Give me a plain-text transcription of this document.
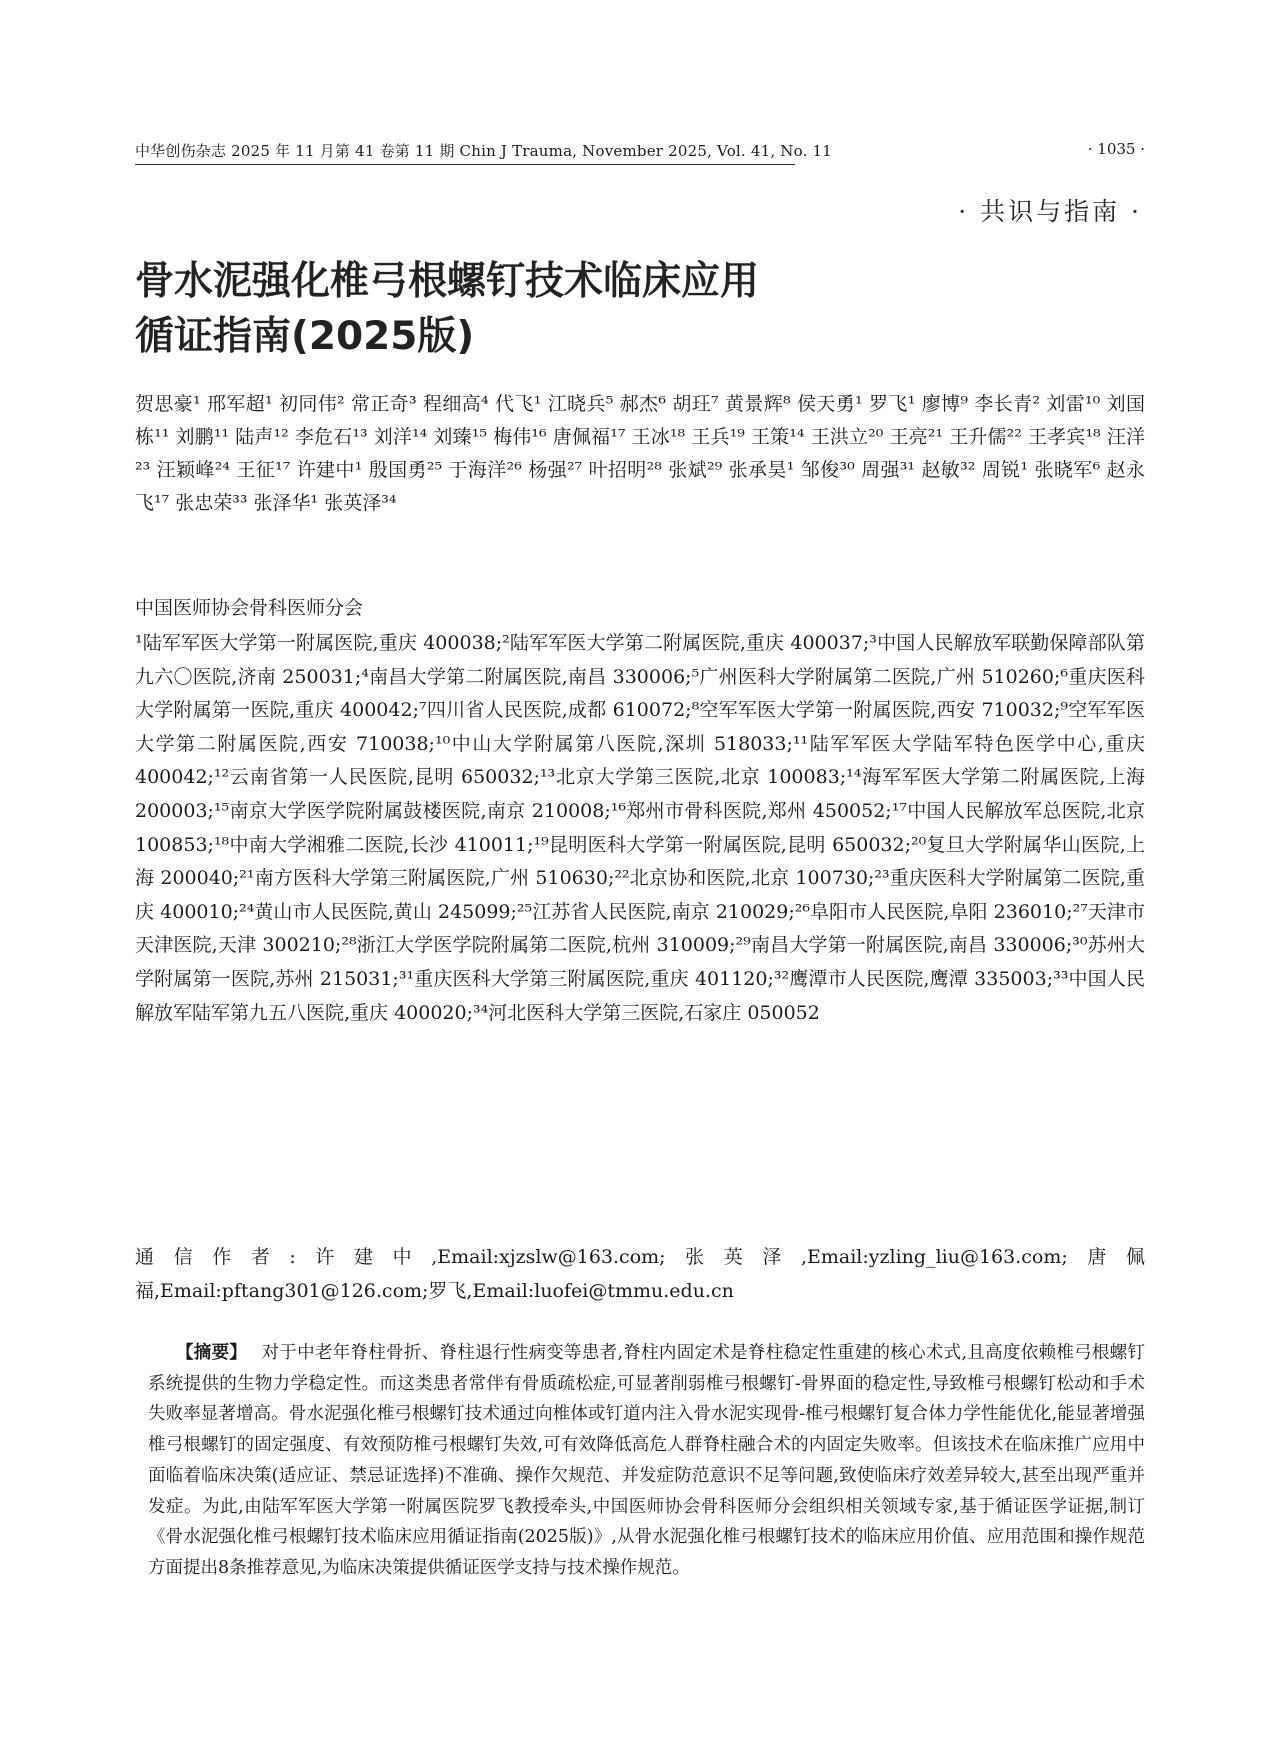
中华创伤杂志 2025 年 11 月第 41 卷第 11 期 Chin J Trauma, November 2025, Vol. 41, No. 11	· 1035 ·
· 共识与指南 ·
骨水泥强化椎弓根螺钉技术临床应用
循证指南(2025版)

贺思豪¹ 邢军超¹ 初同伟² 常正奇³ 程细高⁴ 代飞¹ 江晓兵⁵ 郝杰⁶ 胡玨⁷ 黄景辉⁸ 侯天勇¹ 罗飞¹ 廖博⁹ 李长青² 刘雷¹⁰ 刘国栋¹¹ 刘鹏¹¹ 陆声¹² 李危石¹³ 刘洋¹⁴ 刘臻¹⁵ 梅伟¹⁶ 唐佩福¹⁷ 王冰¹⁸ 王兵¹⁹ 王策¹⁴ 王洪立²⁰ 王亮²¹ 王升儒²² 王孝宾¹⁸ 汪洋²³ 汪颖峰²⁴ 王征¹⁷ 许建中¹ 殷国勇²⁵ 于海洋²⁶ 杨强²⁷ 叶招明²⁸ 张斌²⁹ 张承昊¹ 邹俊³⁰ 周强³¹ 赵敏³² 周锐¹ 张晓军⁶ 赵永飞¹⁷ 张忠荣³³ 张泽华¹ 张英泽³⁴

中国医师协会骨科医师分会

¹陆军军医大学第一附属医院,重庆 400038;²陆军军医大学第二附属医院,重庆 400037;³中国人民解放军联勤保障部队第九六〇医院,济南 250031;⁴南昌大学第二附属医院,南昌 330006;⁵广州医科大学附属第二医院,广州 510260;⁶重庆医科大学附属第一医院,重庆 400042;⁷四川省人民医院,成都 610072;⁸空军军医大学第一附属医院,西安 710032;⁹空军军医大学第二附属医院,西安 710038;¹⁰中山大学附属第八医院,深圳 518033;¹¹陆军军医大学陆军特色医学中心,重庆 400042;¹²云南省第一人民医院,昆明 650032;¹³北京大学第三医院,北京 100083;¹⁴海军军医大学第二附属医院,上海 200003;¹⁵南京大学医学院附属鼓楼医院,南京 210008;¹⁶郑州市骨科医院,郑州 450052;¹⁷中国人民解放军总医院,北京 100853;¹⁸中南大学湘雅二医院,长沙 410011;¹⁹昆明医科大学第一附属医院,昆明 650032;²⁰复旦大学附属华山医院,上海 200040;²¹南方医科大学第三附属医院,广州 510630;²²北京协和医院,北京 100730;²³重庆医科大学附属第二医院,重庆 400010;²⁴黄山市人民医院,黄山 245099;²⁵江苏省人民医院,南京 210029;²⁶阜阳市人民医院,阜阳 236010;²⁷天津市天津医院,天津 300210;²⁸浙江大学医学院附属第二医院,杭州 310009;²⁹南昌大学第一附属医院,南昌 330006;³⁰苏州大学附属第一医院,苏州 215031;³¹重庆医科大学第三附属医院,重庆 401120;³²鹰潭市人民医院,鹰潭 335003;³³中国人民解放军陆军第九五八医院,重庆 400020;³⁴河北医科大学第三医院,石家庄 050052

通信作者:许建中,Email:xjzslw@163.com;张英泽,Email:yzling_liu@163.com;唐佩福,Email:pftang301@126.com;罗飞,Email:luofei@tmmu.edu.cn

【摘要】 对于中老年脊柱骨折、脊柱退行性病变等患者,脊柱内固定术是脊柱稳定性重建的核心术式,且高度依赖椎弓根螺钉系统提供的生物力学稳定性。而这类患者常伴有骨质疏松症,可显著削弱椎弓根螺钉-骨界面的稳定性,导致椎弓根螺钉松动和手术失败率显著增高。骨水泥强化椎弓根螺钉技术通过向椎体或钉道内注入骨水泥实现骨-椎弓根螺钉复合体力学性能优化,能显著增强椎弓根螺钉的固定强度、有效预防椎弓根螺钉失效,可有效降低高危人群脊柱融合术的内固定失败率。但该技术在临床推广应用中面临着临床决策(适应证、禁忌证选择)不准确、操作欠规范、并发症防范意识不足等问题,致使临床疗效差异较大,甚至出现严重并发症。为此,由陆军军医大学第一附属医院罗飞教授牵头,中国医师协会骨科医师分会组织相关领域专家,基于循证医学证据,制订《骨水泥强化椎弓根螺钉技术临床应用循证指南(2025版)》,从骨水泥强化椎弓根螺钉技术的临床应用价值、应用范围和操作规范方面提出8条推荐意见,为临床决策提供循证医学支持与技术操作规范。
